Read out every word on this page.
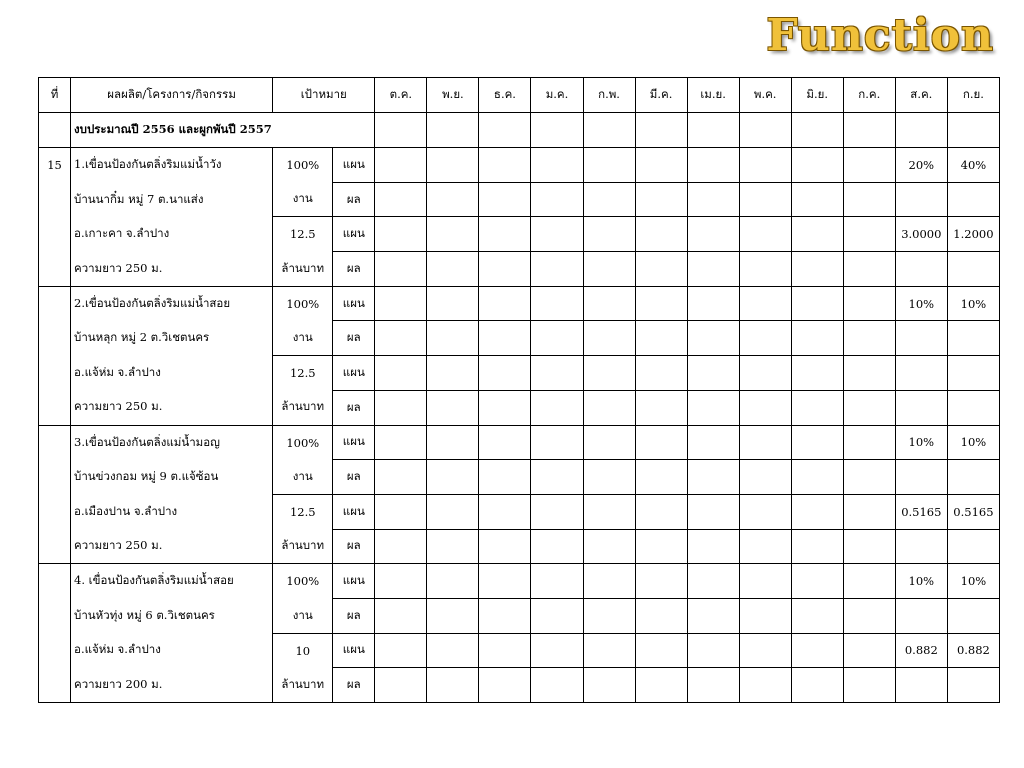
Function
ที่	ผลผลิต/โครงการ/กิจกรรม	เป้าหมาย		ต.ค.	พ.ย.	ธ.ค.	ม.ค.	ก.พ.	มี.ค.	เม.ย.	พ.ค.	มิ.ย.	ก.ค.	ส.ค.	ก.ย.
	งบประมาณปี 2556 และผูกพันปี 2557														
15	1.เขื่อนป้องกันตลิ่งริมแม่น้ำวัง	100%	แผน											20%	40%
	บ้านนากิ๋ม หมู่ 7 ต.นาแส่ง	งาน	ผล												
	อ.เกาะคา จ.ลำปาง	12.5	แผน											3.0000	1.2000
	ความยาว 250 ม.	ล้านบาท	ผล												
	2.เขื่อนป้องกันตลิ่งริมแม่น้ำสอย	100%	แผน											10%	10%
	บ้านหลุก หมู่ 2 ต.วิเชตนคร	งาน	ผล												
	อ.แจ้ห่ม จ.ลำปาง	12.5	แผน												
	ความยาว 250 ม.	ล้านบาท	ผล												
	3.เขื่อนป้องกันตลิ่งแม่น้ำมอญ	100%	แผน											10%	10%
	บ้านข่วงกอม หมู่ 9 ต.แจ้ซ้อน	งาน	ผล												
	อ.เมืองปาน จ.ลำปาง	12.5	แผน											0.5165	0.5165
	ความยาว 250 ม.	ล้านบาท	ผล												
	4. เขื่อนป้องกันตลิ่งริมแม่น้ำสอย	100%	แผน											10%	10%
	บ้านหัวทุ่ง หมู่ 6 ต.วิเชตนคร	งาน	ผล												
	อ.แจ้ห่ม จ.ลำปาง	10	แผน											0.882	0.882
	ความยาว 200 ม.	ล้านบาท	ผล												
